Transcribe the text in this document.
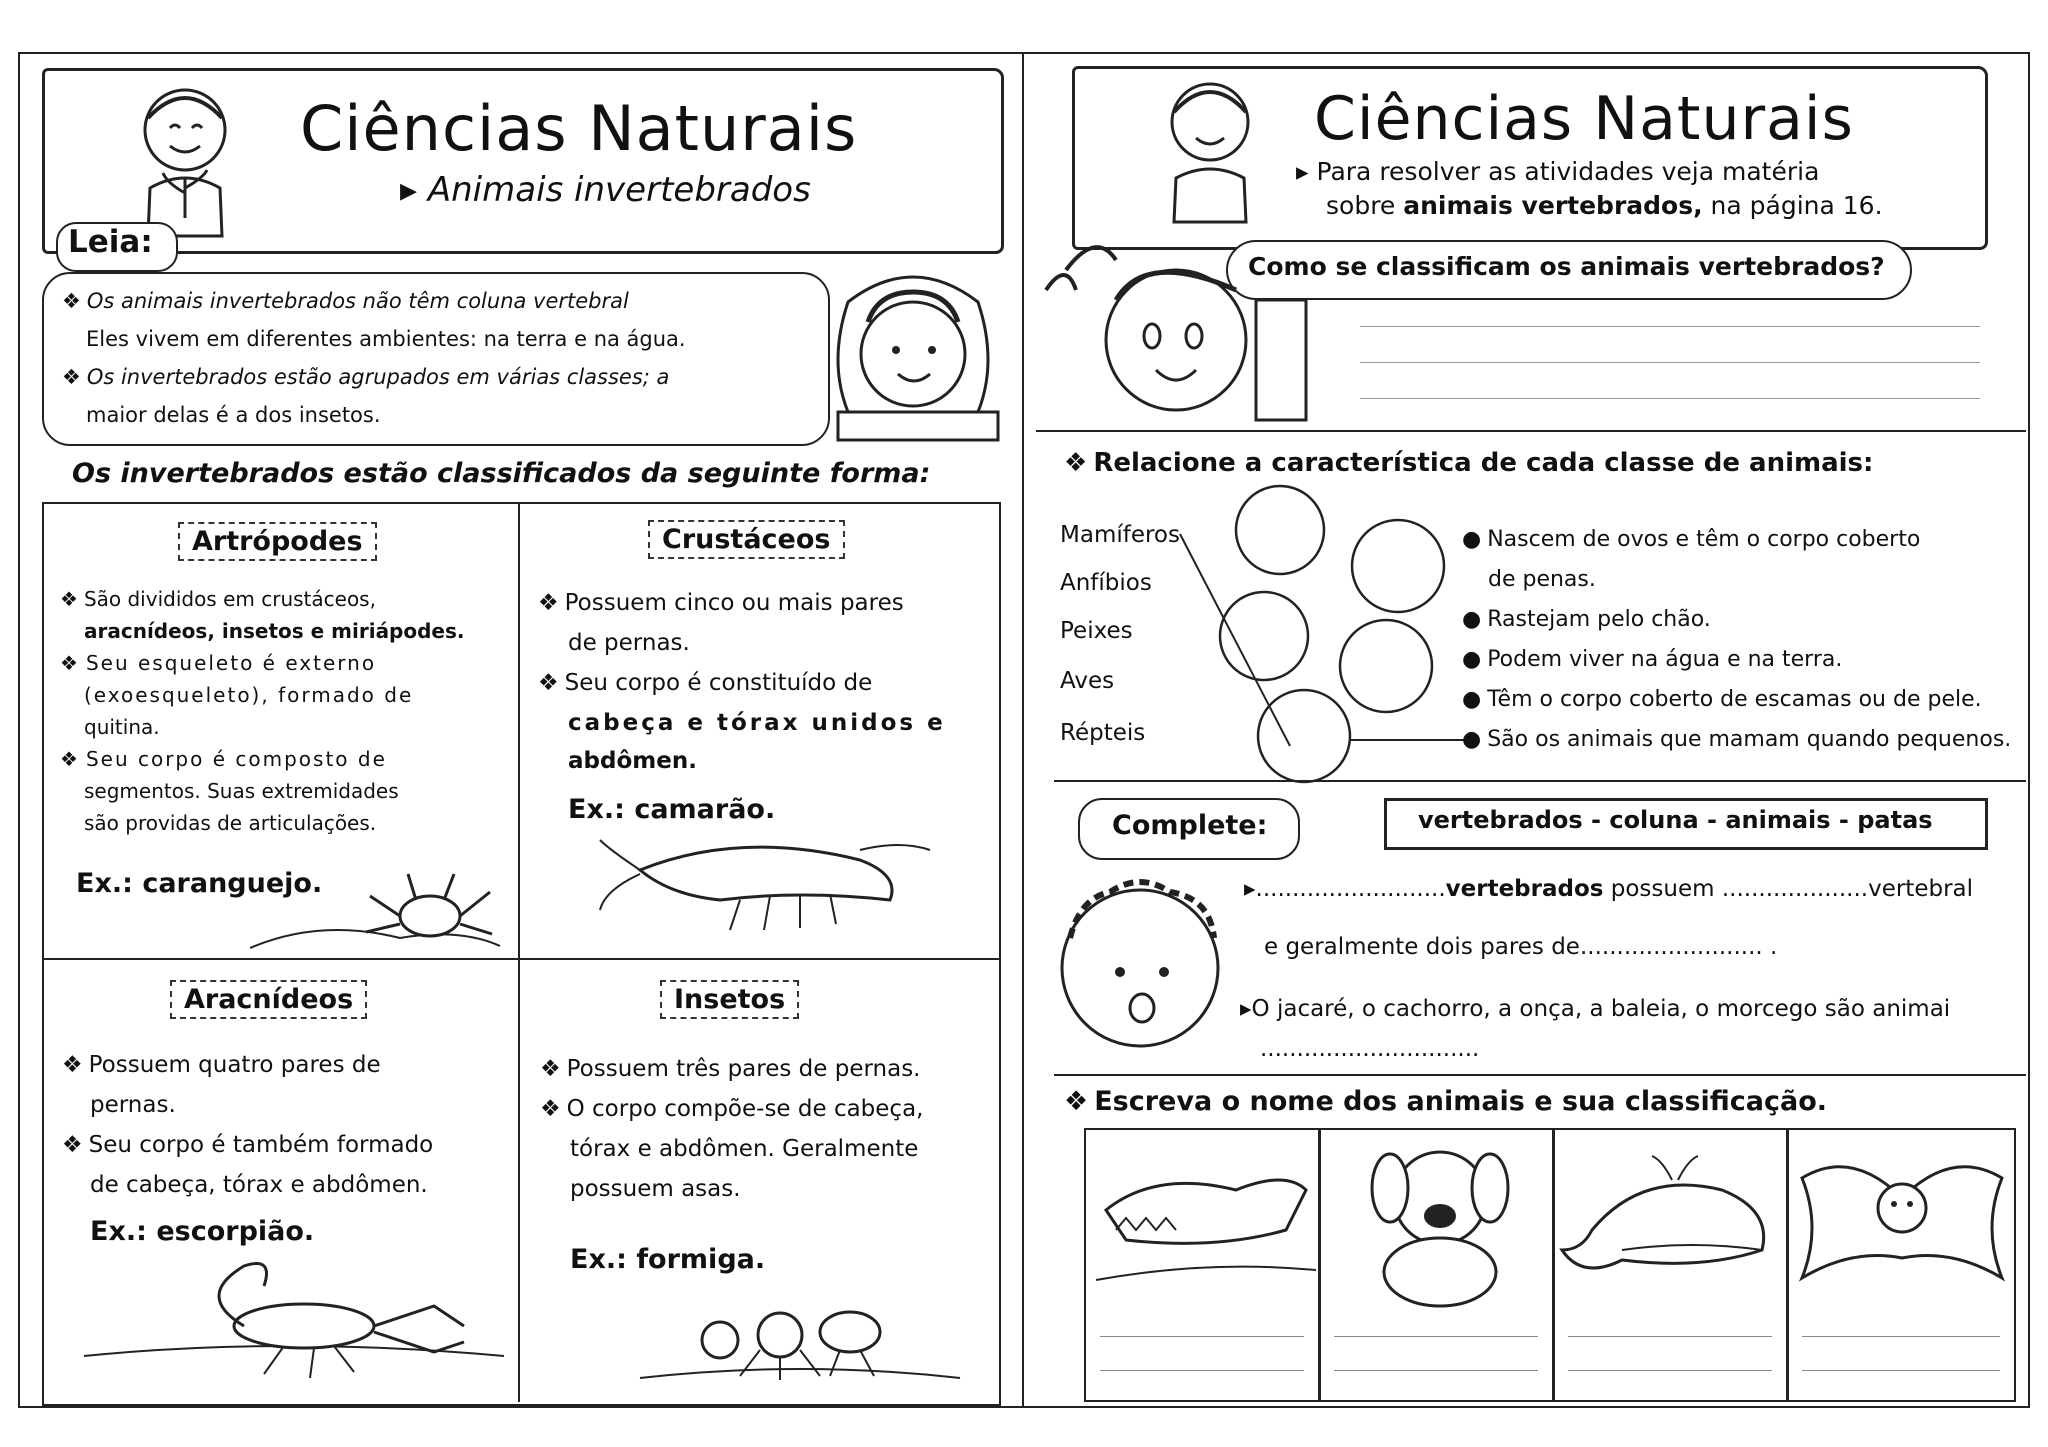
Ciências Naturais
▸ Animais invertebrados
Leia:
❖ Os animais invertebrados não têm coluna vertebral
Eles vivem em diferentes ambientes: na terra e na água.
❖ Os invertebrados estão agrupados em várias classes; a
maior delas é a dos insetos.
Os invertebrados estão classificados da seguinte forma:
Artrópodes
❖ São divididos em crustáceos,
aracnídeos, insetos e miriápodes.
❖ Seu esqueleto é externo
(exoesqueleto), formado de
quitina.
❖ Seu corpo é composto de
segmentos. Suas extremidades
são providas de articulações.
Ex.: caranguejo.
Crustáceos
❖ Possuem cinco ou mais pares
de pernas.
❖ Seu corpo é constituído de
cabeça e tórax unidos e
abdômen.
Ex.: camarão.
Aracnídeos
❖ Possuem quatro pares de
pernas.
❖ Seu corpo é também formado
de cabeça, tórax e abdômen.
Ex.: escorpião.
Insetos
❖ Possuem três pares de pernas.
❖ O corpo compõe-se de cabeça,
tórax e abdômen. Geralmente
possuem asas.
Ex.: formiga.
Ciências Naturais
▸ Para resolver as atividades veja matéria
sobre animais vertebrados, na página 16.
Como se classificam os animais vertebrados?
❖ Relacione a característica de cada classe de animais:
Mamíferos
Anfíbios
Peixes
Aves
Répteis
● Nascem de ovos e têm o corpo coberto
de penas.
● Rastejam pelo chão.
● Podem viver na água e na terra.
● Têm o corpo coberto de escamas ou de pele.
● São os animais que mamam quando pequenos.
Complete:	vertebrados - coluna - animais - patas
▸..........................vertebrados possuem ....................vertebral
e geralmente dois pares de......................... .
▸O jacaré, o cachorro, a onça, a baleia, o morcego são animai
..............................
❖ Escreva o nome dos animais e sua classificação.
